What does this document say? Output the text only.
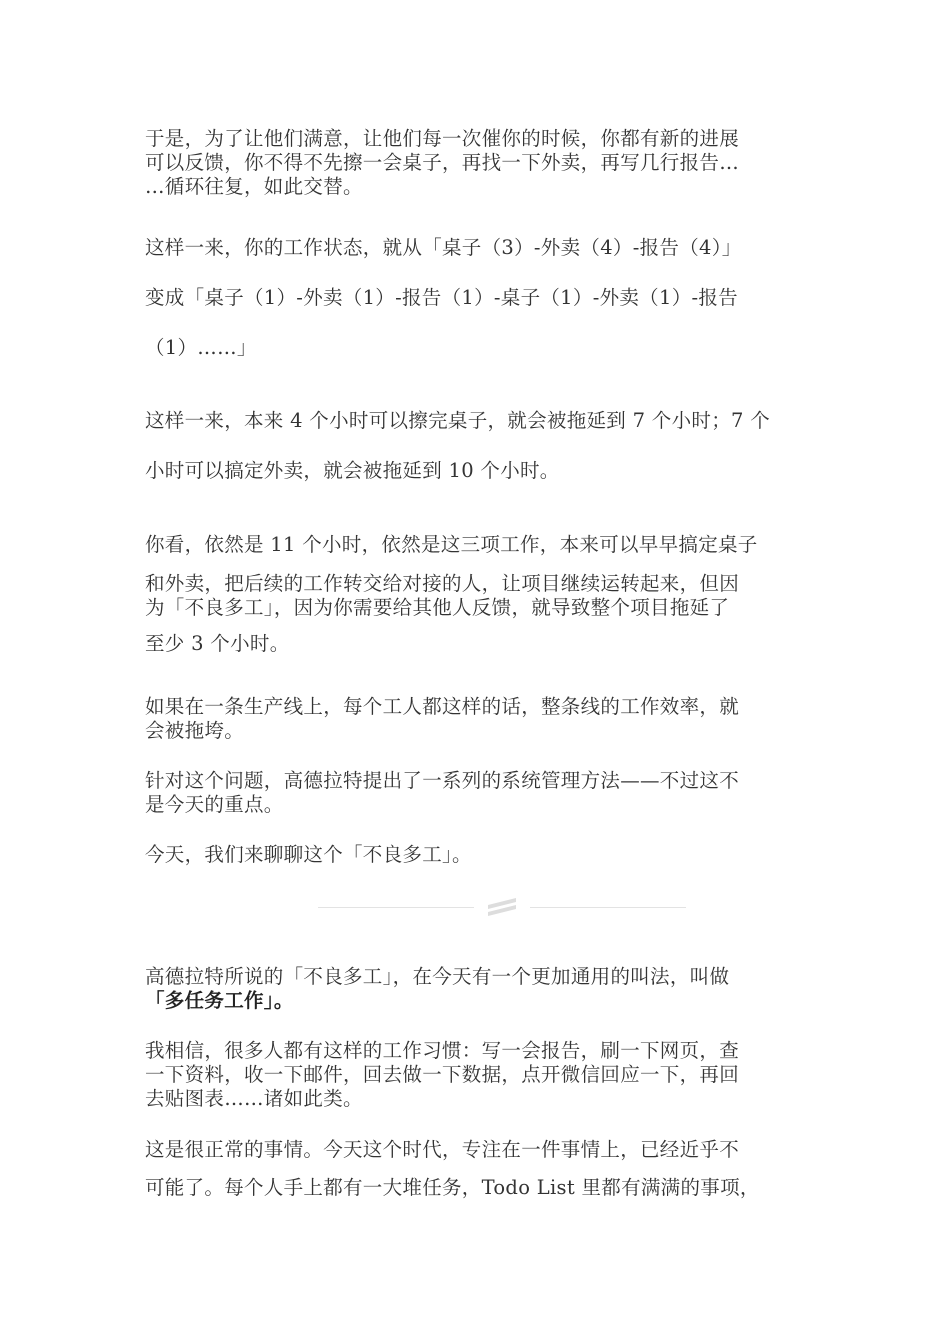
于是，为了让他们满意，让他们每一次催你的时候，你都有新的进展
可以反馈，你不得不先擦一会桌子，再找一下外卖，再写几行报告…
…循环往复，如此交替。

这样一来，你的工作状态，就从「桌子（3）-外卖（4）-报告（4）」

变成「桌子（1）-外卖（1）-报告（1）-桌子（1）-外卖（1）-报告

（1）……」

这样一来，本来 4 个小时可以擦完桌子，就会被拖延到 7 个小时；7 个

小时可以搞定外卖，就会被拖延到 10 个小时。

你看，依然是 11 个小时，依然是这三项工作，本来可以早早搞定桌子

和外卖，把后续的工作转交给对接的人，让项目继续运转起来，但因
为「不良多工」，因为你需要给其他人反馈，就导致整个项目拖延了

至少 3 个小时。

如果在一条生产线上，每个工人都这样的话，整条线的工作效率，就
会被拖垮。

针对这个问题，高德拉特提出了一系列的系统管理方法——不过这不
是今天的重点。

今天，我们来聊聊这个「不良多工」。

高德拉特所说的「不良多工」，在今天有一个更加通用的叫法，叫做
「多任务工作」。

我相信，很多人都有这样的工作习惯：写一会报告，刷一下网页，查
一下资料，收一下邮件，回去做一下数据，点开微信回应一下，再回
去贴图表……诸如此类。

这是很正常的事情。今天这个时代，专注在一件事情上，已经近乎不

可能了。每个人手上都有一大堆任务，Todo List 里都有满满的事项，
